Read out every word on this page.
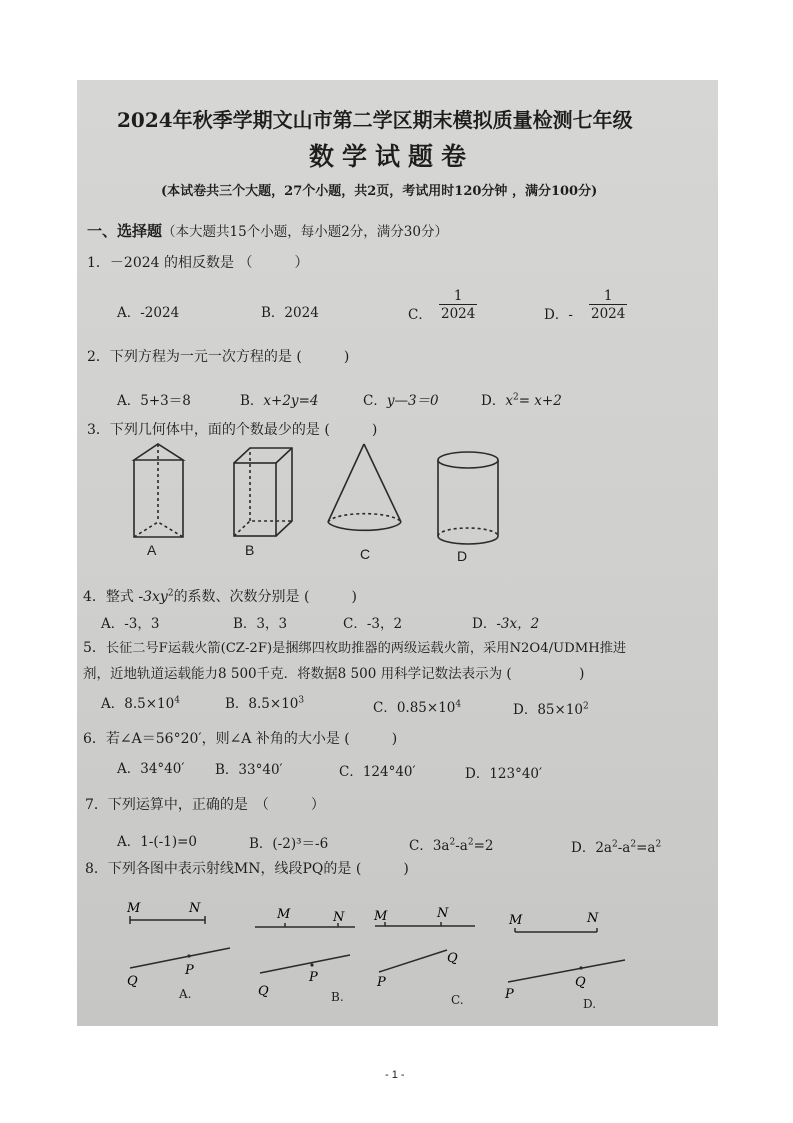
2024年秋季学期文山市第二学区期末模拟质量检测七年级
数学试题卷
(本试卷共三个大题，27个小题，共2页，考试用时120分钟 ，满分100分)
一、选择题（本大题共15个小题，每小题2分，满分30分）
1．－2024 的相反数是 （　　　）
A．-2024	B．2024	C． $\frac{1}{2024}$	D．- $\frac{1}{2024}$
2．下列方程为一元一次方程的是 (　　　)
A．5+3＝8	B．x+2y=4	C．y—3＝0	D．$x^2= x+2$
3．下列几何体中，面的个数最少的是 (　　　)
A	B	C	D
4．整式 $-3xy^2$的系数、次数分别是 (　　　)
A．-3，3	B．3，3	C．-3，2	D．-3x，2
5．长征二号F运载火箭(CZ-2F)是捆绑四枚助推器的两级运载火箭，采用N2O4/UDMH推进
剂，近地轨道运载能力8 500千克．将数据8 500 用科学记数法表示为 (　　　　　)
A．$8.5\times 10^4$	B．$8.5\times 10^3$	C．$0.85\times 10^4$	D．$85\times 10^2$
6．若∠A＝56°20′，则∠A 补角的大小是 (　　　)
A．34°40′ B．33°40′	C．124°40′	D．123°40′
7．下列运算中，正确的是　（　　　）
A．1-(-1)=0	B．(-2)³＝-6	C．$3a^2-a^2=2$	D．$2a^2-a^2=a^2$
8．下列各图中表示射线MN，线段PQ的是 (　　　)
M	N
P
Q
A.
M	N
P
Q	B.
M	N
Q
P
C.
M	N
Q
P
D.
- 1 -
